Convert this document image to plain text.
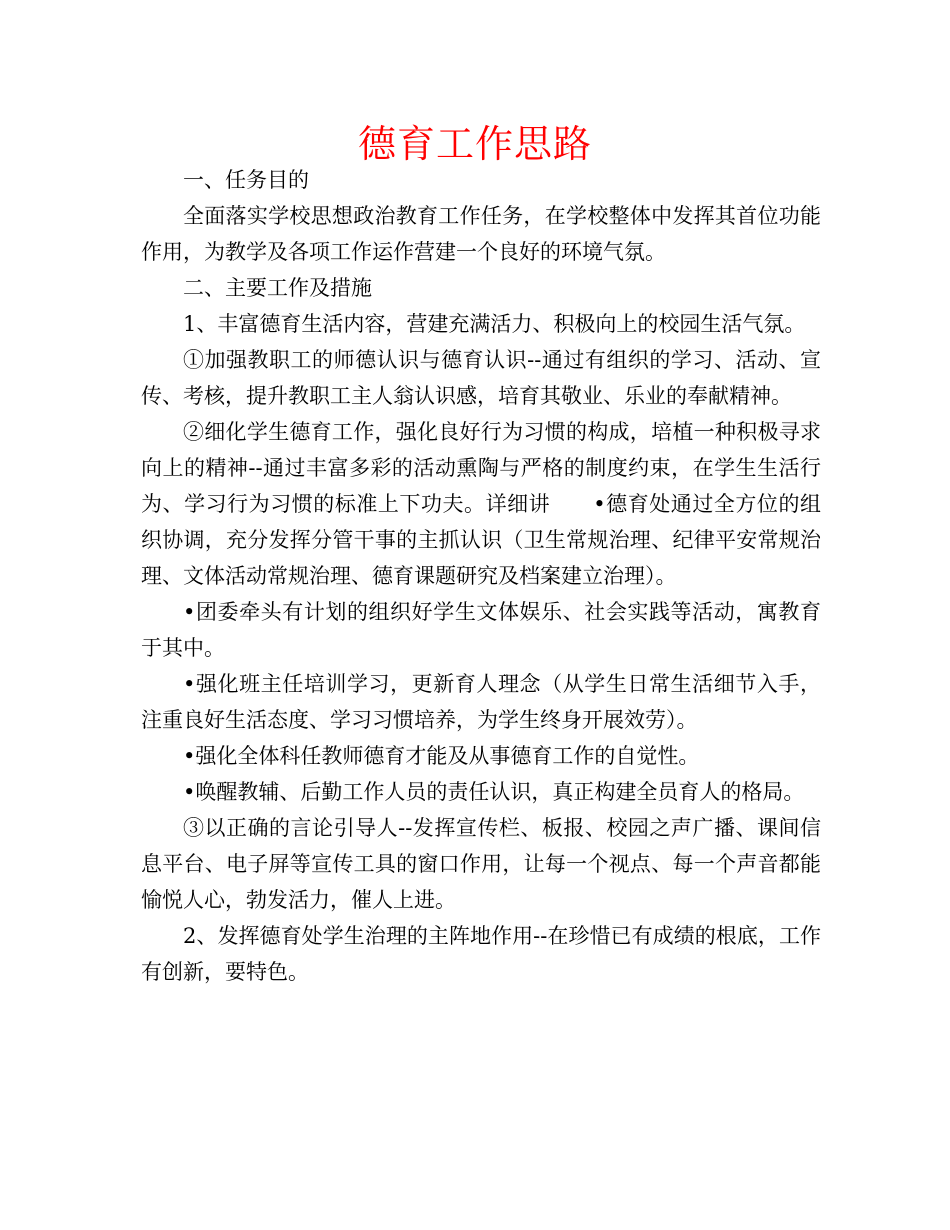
德育工作思路

一、任务目的

全面落实学校思想政治教育工作任务，在学校整体中发挥其首位功能作用，为教学及各项工作运作营建一个良好的环境气氛。

二、主要工作及措施

1、丰富德育生活内容，营建充满活力、积极向上的校园生活气氛。

①加强教职工的师德认识与德育认识--通过有组织的学习、活动、宣传、考核，提升教职工主人翁认识感，培育其敬业、乐业的奉献精神。

②细化学生德育工作，强化良好行为习惯的构成，培植一种积极寻求向上的精神--通过丰富多彩的活动熏陶与严格的制度约束，在学生生活行为、学习行为习惯的标准上下功夫。详细讲　　•德育处通过全方位的组织协调，充分发挥分管干事的主抓认识（卫生常规治理、纪律平安常规治理、文体活动常规治理、德育课题研究及档案建立治理）。

•团委牵头有计划的组织好学生文体娱乐、社会实践等活动，寓教育于其中。

•强化班主任培训学习，更新育人理念（从学生日常生活细节入手，注重良好生活态度、学习习惯培养，为学生终身开展效劳）。

•强化全体科任教师德育才能及从事德育工作的自觉性。

•唤醒教辅、后勤工作人员的责任认识，真正构建全员育人的格局。

③以正确的言论引导人--发挥宣传栏、板报、校园之声广播、课间信息平台、电子屏等宣传工具的窗口作用，让每一个视点、每一个声音都能愉悦人心，勃发活力，催人上进。

2、发挥德育处学生治理的主阵地作用--在珍惜已有成绩的根底，工作有创新，要特色。
